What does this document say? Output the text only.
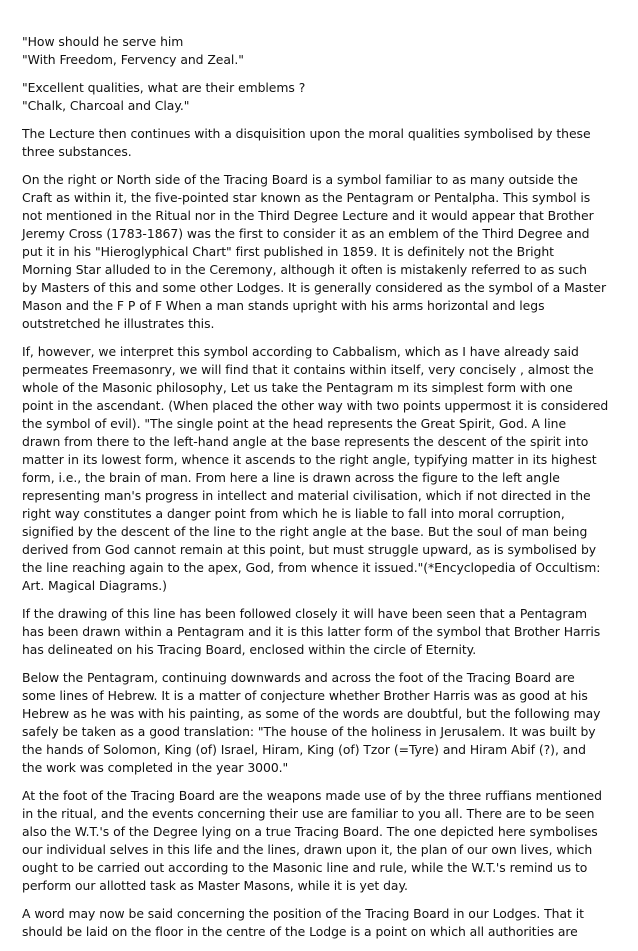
"How should he serve him
"With Freedom, Fervency and Zeal."

"Excellent qualities, what are their emblems ?
"Chalk, Charcoal and Clay."

The Lecture then continues with a disquisition upon the moral qualities symbolised by these
three substances.

On the right or North side of the Tracing Board is a symbol familiar to as many outside the
Craft as within it, the five-pointed star known as the Pentagram or Pentalpha. This symbol is
not mentioned in the Ritual nor in the Third Degree Lecture and it would appear that Brother
Jeremy Cross (1783-1867) was the first to consider it as an emblem of the Third Degree and
put it in his "Hieroglyphical Chart" first published in 1859. It is definitely not the Bright
Morning Star alluded to in the Ceremony, although it often is mistakenly referred to as such
by Masters of this and some other Lodges. It is generally considered as the symbol of a Master
Mason and the F P of F When a man stands upright with his arms horizontal and legs
outstretched he illustrates this.

If, however, we interpret this symbol according to Cabbalism, which as I have already said
permeates Freemasonry, we will find that it contains within itself, very concisely , almost the
whole of the Masonic philosophy, Let us take the Pentagram m its simplest form with one
point in the ascendant. (When placed the other way with two points uppermost it is considered
the symbol of evil). "The single point at the head represents the Great Spirit, God. A line
drawn from there to the left-hand angle at the base represents the descent of the spirit into
matter in its lowest form, whence it ascends to the right angle, typifying matter in its highest
form, i.e., the brain of man. From here a line is drawn across the figure to the left angle
representing man's progress in intellect and material civilisation, which if not directed in the
right way constitutes a danger point from which he is liable to fall into moral corruption,
signified by the descent of the line to the right angle at the base. But the soul of man being
derived from God cannot remain at this point, but must struggle upward, as is symbolised by
the line reaching again to the apex, God, from whence it issued."(*Encyclopedia of Occultism:
Art. Magical Diagrams.)

If the drawing of this line has been followed closely it will have been seen that a Pentagram
has been drawn within a Pentagram and it is this latter form of the symbol that Brother Harris
has delineated on his Tracing Board, enclosed within the circle of Eternity.

Below the Pentagram, continuing downwards and across the foot of the Tracing Board are
some lines of Hebrew. It is a matter of conjecture whether Brother Harris was as good at his
Hebrew as he was with his painting, as some of the words are doubtful, but the following may
safely be taken as a good translation: "The house of the holiness in Jerusalem. It was built by
the hands of Solomon, King (of) Israel, Hiram, King (of) Tzor (=Tyre) and Hiram Abif (?), and
the work was completed in the year 3000."

At the foot of the Tracing Board are the weapons made use of by the three ruffians mentioned
in the ritual, and the events concerning their use are familiar to you all. There are to be seen
also the W.T.'s of the Degree lying on a true Tracing Board. The one depicted here symbolises
our individual selves in this life and the lines, drawn upon it, the plan of our own lives, which
ought to be carried out according to the Masonic line and rule, while the W.T.'s remind us to
perform our allotted task as Master Masons, while it is yet day.

A word may now be said concerning the position of the Tracing Board in our Lodges. That it
should be laid on the floor in the centre of the Lodge is a point on which all authorities are
